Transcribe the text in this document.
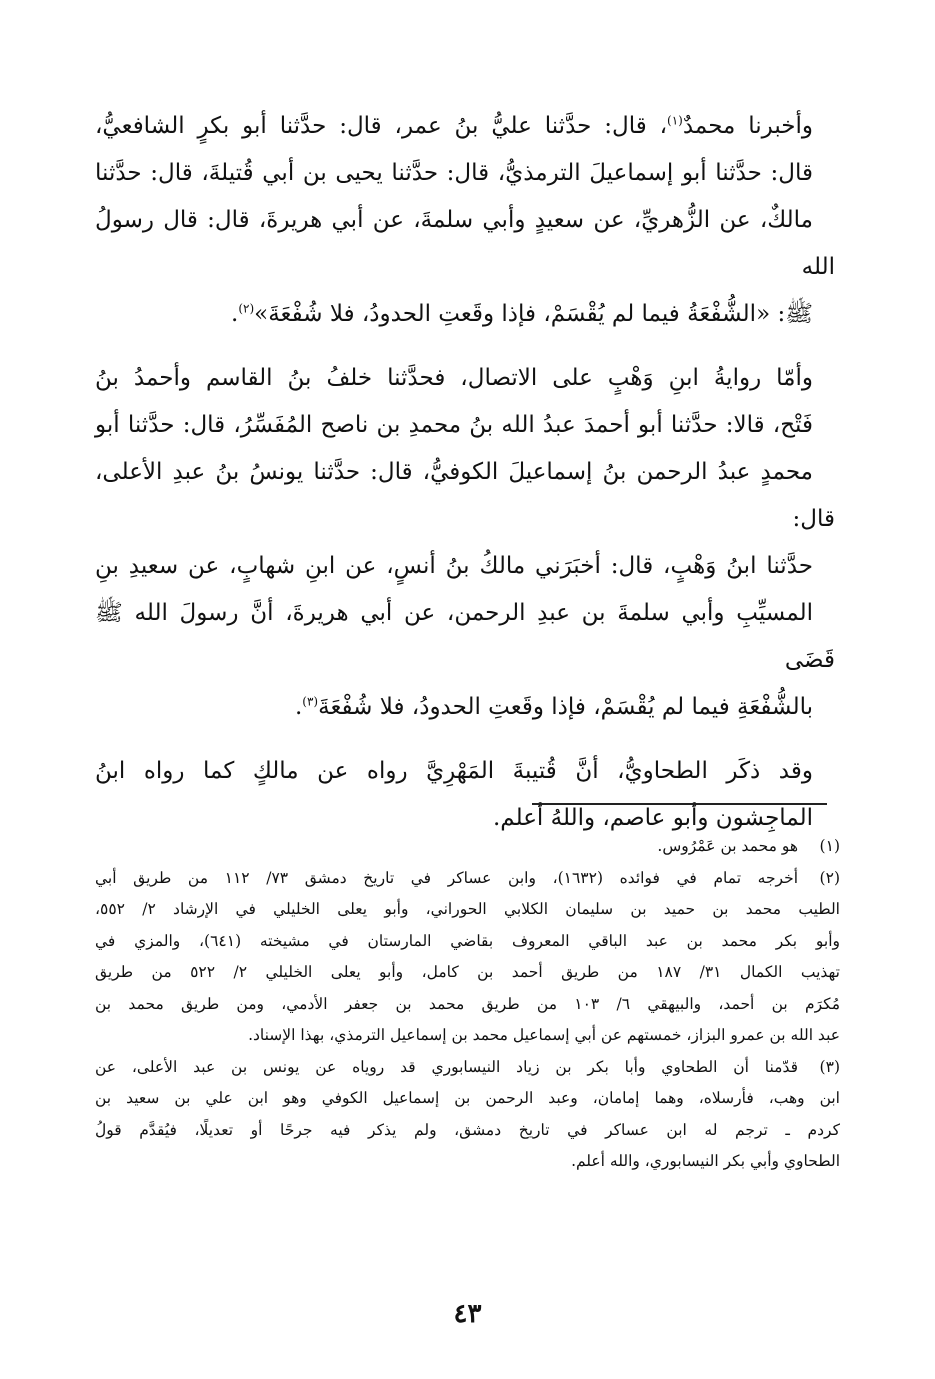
وأخبرنا محمدٌ$^{(١)}$، قال: حدَّثنا عليُّ بنُ عمر، قال: حدَّثنا أبو بكرٍ الشافعيُّ،
قال: حدَّثنا أبو إسماعيلَ الترمذيُّ، قال: حدَّثنا يحيى بن أبي قُتيلةَ، قال: حدَّثنا
مالكٌ، عن الزُّهريِّ، عن سعيدٍ وأبي سلمةَ، عن أبي هريرةَ، قال: قال رسولُ الله
ﷺ: «الشُّفْعَةُ فيما لم يُقْسَمْ، فإذا وقَعتِ الحدودُ، فلا شُفْعَةَ»$^{(٢)}$.

وأمّا روايةُ ابنِ وَهْبٍ على الاتصال، فحدَّثنا خلفُ بنُ القاسم وأحمدُ بنُ
فَتْح، قالا: حدَّثنا أبو أحمدَ عبدُ الله بنُ محمدِ بن ناصح المُفَسِّرُ، قال: حدَّثنا أبو
محمدٍ عبدُ الرحمن بنُ إسماعيلَ الكوفيُّ، قال: حدَّثنا يونسُ بنُ عبدِ الأعلى، قال:
حدَّثنا ابنُ وَهْبٍ، قال: أخبَرَني مالكُ بنُ أنسٍ، عن ابنِ شهابٍ، عن سعيدِ بنِ
المسيِّبِ وأبي سلمةَ بن عبدِ الرحمن، عن أبي هريرةَ، أنَّ رسولَ الله ﷺ قَضَى
بالشُّفْعَةِ فيما لم يُقْسَمْ، فإذا وقَعتِ الحدودُ، فلا شُفْعَةَ$^{(٣)}$.

وقد ذكَر الطحاويُّ، أنَّ قُتيبةَ المَهْرِيَّ رواه عن مالكٍ كما رواه ابنُ
الماجِشون وأبو عاصم، واللهُ أعلم.

(١)هو محمد بن عَمْرُوس.

(٢)أخرجه تمام في فوائده (١٦٣٢)، وابن عساكر في تاريخ دمشق ٧٣/ ١١٢ من طريق أبي
الطيب محمد بن حميد بن سليمان الكلابي الحوراني، وأبو يعلى الخليلي في الإرشاد ٢/ ٥٥٢،
وأبو بكر محمد بن عبد الباقي المعروف بقاضي المارستان في مشيخته (٦٤١)، والمزي في
تهذيب الكمال ٣١/ ١٨٧ من طريق أحمد بن كامل، وأبو يعلى الخليلي ٢/ ٥٢٢ من طريق
مُكرَم بن أحمد، والبيهقي ٦/ ١٠٣ من طريق محمد بن جعفر الأدمي، ومن طريق محمد بن
عبد الله بن عمرو البزاز، خمستهم عن أبي إسماعيل محمد بن إسماعيل الترمذي، بهذا الإسناد.

(٣)قدّمنا أن الطحاوي وأبا بكر بن زياد النيسابوري قد روياه عن يونس بن عبد الأعلى، عن
ابن وهب، فأرسلاه، وهما إمامان، وعبد الرحمن بن إسماعيل الكوفي وهو ابن علي بن سعيد بن
كردم ـ ترجم له ابن عساكر في تاريخ دمشق، ولم يذكر فيه جرحًا أو تعديلًا، فيُقدَّم قولُ
الطحاوي وأبي بكر النيسابوري، والله أعلم.

٤٣
